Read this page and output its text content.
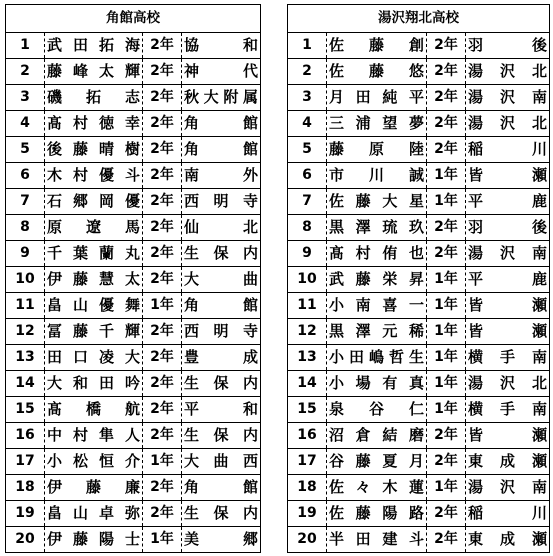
角館高校			
1	武 田 拓 海	2年	協 和

2	藤 峰 太 輝	2年	神 代

3	磯 拓 志	2年	秋 大 附 属

4	髙 村 徳 幸	2年	角 館

5	後 藤 晴 樹	2年	角 館

6	木 村 優 斗	2年	南 外

7	石 郷 岡 優	2年	西 明 寺

8	原 遼 馬	2年	仙 北

9	千 葉 蘭 丸	2年	生 保 内

10	伊 藤 慧 太	2年	大 曲

11	畠 山 優 舞	1年	角 館

12	冨 藤 千 輝	2年	西 明 寺

13	田 口 凌 大	2年	豊 成

14	大 和 田 吟	2年	生 保 内

15	髙 橋 航	2年	平 和

16	中 村 隼 人	2年	生 保 内

17	小 松 恒 介	1年	大 曲 西

18	伊 藤 廉	2年	角 館

19	畠 山 卓 弥	2年	生 保 内

20	伊 藤 陽 士	1年	美 郷
湯沢翔北高校			
1	佐 藤 創	2年	羽 後

2	佐 藤 悠	2年	湯 沢 北

3	月 田 純 平	2年	湯 沢 南

4	三 浦 望 夢	2年	湯 沢 北

5	藤 原 陸	2年	稲 川

6	市 川 誠	1年	皆 瀬

7	佐 藤 大 星	1年	平 鹿

8	黒 澤 琉 玖	2年	羽 後

9	髙 村 侑 也	2年	湯 沢 南

10	武 藤 栄 昇	1年	平 鹿

11	小 南 喜 一	1年	皆 瀬

12	黒 澤 元 稀	1年	皆 瀬

13	小 田 嶋 哲 生	1年	横 手 南

14	小 場 有 真	1年	湯 沢 北

15	泉 谷 仁	1年	横 手 南

16	沼 倉 結 磨	2年	皆 瀬

17	谷 藤 夏 月	2年	東 成 瀬

18	佐 々 木 蓮	1年	湯 沢 南

19	佐 藤 陽 路	2年	稲 川

20	半 田 建 斗	2年	東 成 瀬
